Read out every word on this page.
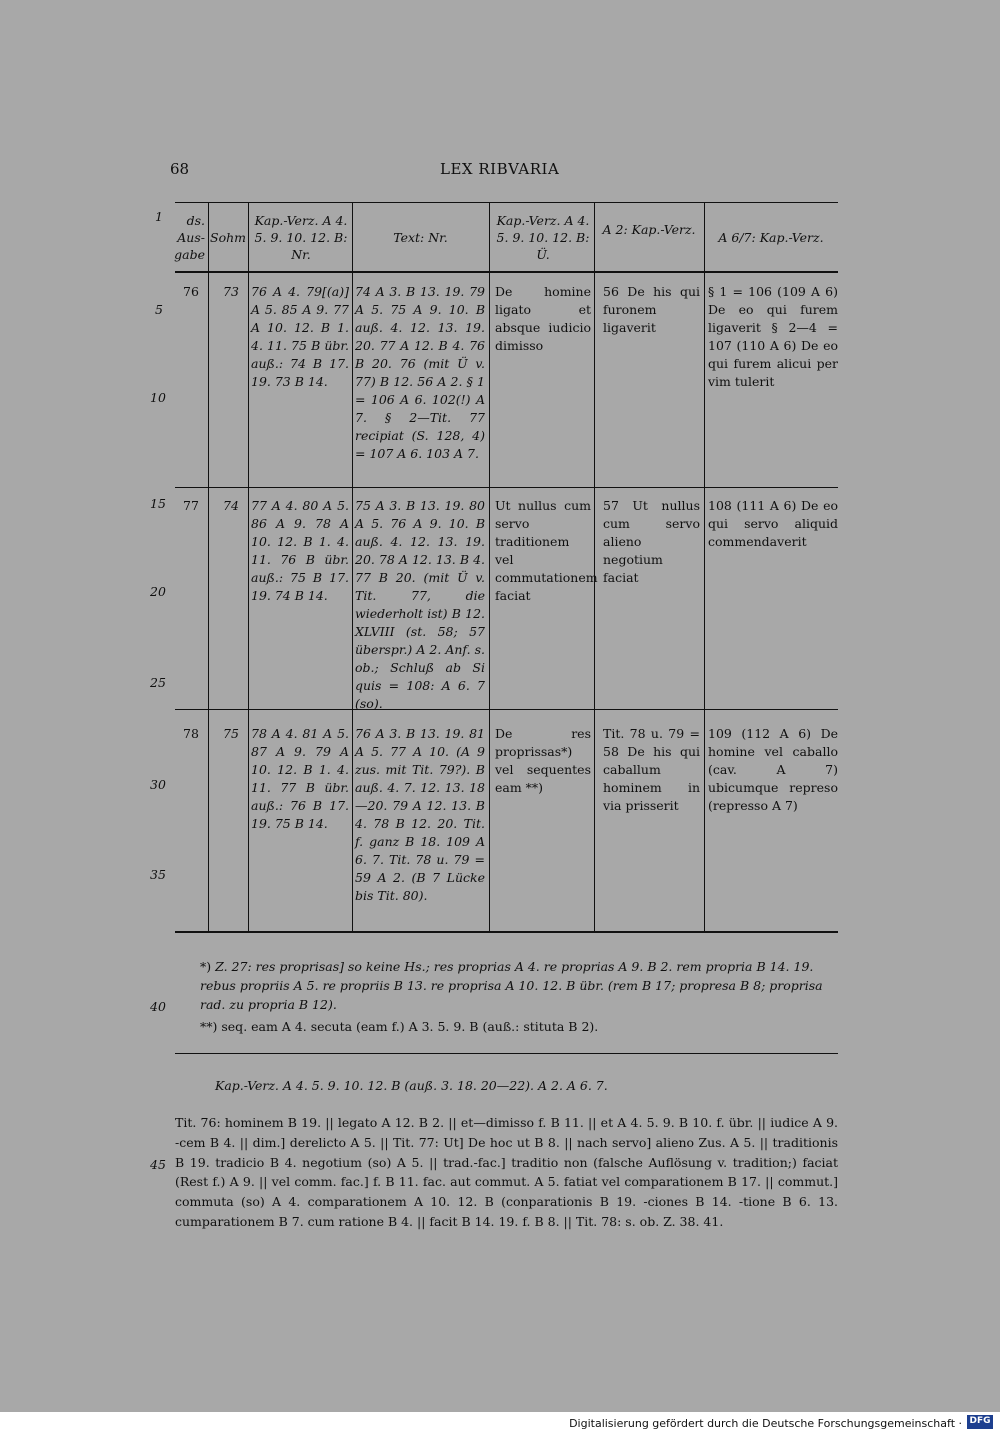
68	LEX RIBVARIA
1
5
10
15
20
25
30
35
40
45
ds. Aus- gabe
Sohm
Kap.-Verz. A 4. 5. 9. 10. 12. B: Nr.
Text: Nr.
Kap.-Verz. A 4. 5. 9. 10. 12. B: Ü.
A 2: Kap.-Verz.
A 6/7: Kap.-Verz.
76 73 76 A 4. 79[(a)] A 5. 85 A 9. 77 A 10. 12. B 1. 4. 11. 75 B übr. auß.: 74 B 17. 19. 73 B 14.
74 A 3. B 13. 19. 79 A 5. 75 A 9. 10. B auß. 4. 12. 13. 19. 20. 77 A 12. B 4. 76 B 20. 76 (mit Ü v. 77) B 12. 56 A 2. § 1 = 106 A 6. 102(!) A 7. § 2—Tit. 77 recipiat (S. 128, 4) = 107 A 6. 103 A 7.
De homine ligato et absque iudicio dimisso
56 De his qui furonem ligaverit
§ 1 = 106 (109 A 6) De eo qui furem ligaverit § 2—4 = 107 (110 A 6) De eo qui furem alicui per vim tulerit
77 74 77 A 4. 80 A 5. 86 A 9. 78 A 10. 12. B 1. 4. 11. 76 B übr. auß.: 75 B 17. 19. 74 B 14.
75 A 3. B 13. 19. 80 A 5. 76 A 9. 10. B auß. 4. 12. 13. 19. 20. 78 A 12. 13. B 4. 77 B 20. (mit Ü v. Tit. 77, die wiederholt ist) B 12. XLVIII (st. 58; 57 überspr.) A 2. Anf. s. ob.; Schluß ab Si quis = 108: A 6. 7 (so).
Ut nullus cum servo traditionem vel commutationem faciat
57 Ut nullus cum servo alieno negotium faciat
108 (111 A 6) De eo qui servo aliquid commendaverit
78 75 78 A 4. 81 A 5. 87 A 9. 79 A 10. 12. B 1. 4. 11. 77 B übr. auß.: 76 B 17. 19. 75 B 14.
76 A 3. B 13. 19. 81 A 5. 77 A 10. (A 9 zus. mit Tit. 79?). B auß. 4. 7. 12. 13. 18—20. 79 A 12. 13. B 4. 78 B 12. 20. Tit. f. ganz B 18. 109 A 6. 7. Tit. 78 u. 79 = 59 A 2. (B 7 Lücke bis Tit. 80).
De res proprissas*) vel sequentes eam **)
Tit. 78 u. 79 = 58 De his qui caballum hominem in via prisserit
109 (112 A 6) De homine vel caballo (cav. A 7) ubicumque represo (represso A 7)
*) Z. 27: res proprisas] so keine Hs.; res proprias A 4. re proprias A 9. B 2. rem propria B 14. 19. rebus propriis A 5. re propriis B 13. re proprisa A 10. 12. B übr. (rem B 17; propresa B 8; proprisa rad. zu propria B 12).
**) seq. eam A 4. secuta (eam f.) A 3. 5. 9. B (auß.: stituta B 2).
Kap.-Verz. A 4. 5. 9. 10. 12. B (auß. 3. 18. 20—22). A 2. A 6. 7.
Tit. 76: hominem B 19. || legato A 12. B 2. || et—dimisso f. B 11. || et A 4. 5. 9. B 10. f. übr. || iudice A 9. -cem B 4. || dim.] derelicto A 5. || Tit. 77: Ut] De hoc ut B 8. || nach servo] alieno Zus. A 5. || traditionis B 19. tradicio B 4. negotium (so) A 5. || trad.-fac.] traditio non (falsche Auflösung v. tradition;) faciat (Rest f.) A 9. || vel comm. fac.] f. B 11. fac. aut commut. A 5. fatiat vel comparationem B 17. || commut.] commuta (so) A 4. comparationem A 10. 12. B (conparationis B 19. -ciones B 14. -tione B 6. 13. cumparationem B 7. cum ratione B 4. || facit B 14. 19. f. B 8. || Tit. 78: s. ob. Z. 38. 41.
Digitalisierung gefördert durch die Deutsche Forschungsgemeinschaft · DFG
